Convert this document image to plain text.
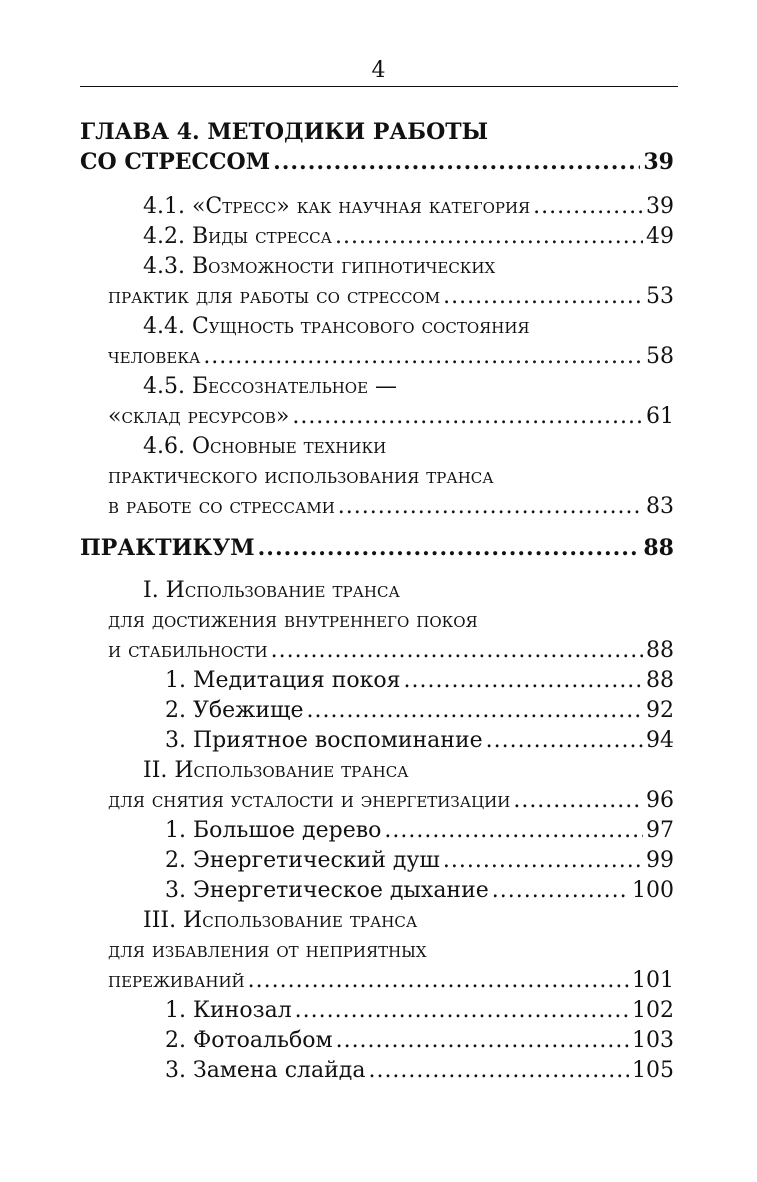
4
ГЛАВА 4. МЕТОДИКИ РАБОТЫ
СО СТРЕССОМ .....	39
4.1. «Стресс» как научная категория .....	39
4.2. Виды стресса .....	49
4.3. Возможности гипнотических
практик для работы со стрессом .....	53
4.4. Сущность трансового состояния
человека .....	58
4.5. Бессознательное —
«склад ресурсов» .....	61
4.6. Основные техники
практического использования транса
в работе со стрессами .....	83
ПРАКТИКУМ .....	88
I. Использование транса
для достижения внутреннего покоя
и стабильности .....	88
1. Медитация покоя .....	88
2. Убежище .....	92
3. Приятное воспоминание .....	94
II. Использование транса
для снятия усталости и энергетизации .....	96
1. Большое дерево .....	97
2. Энергетический душ .....	99
3. Энергетическое дыхание .....	100
III. Использование транса
для избавления от неприятных
переживаний .....	101
1. Кинозал .....	102
2. Фотоальбом .....	103
3. Замена слайда .....	105
